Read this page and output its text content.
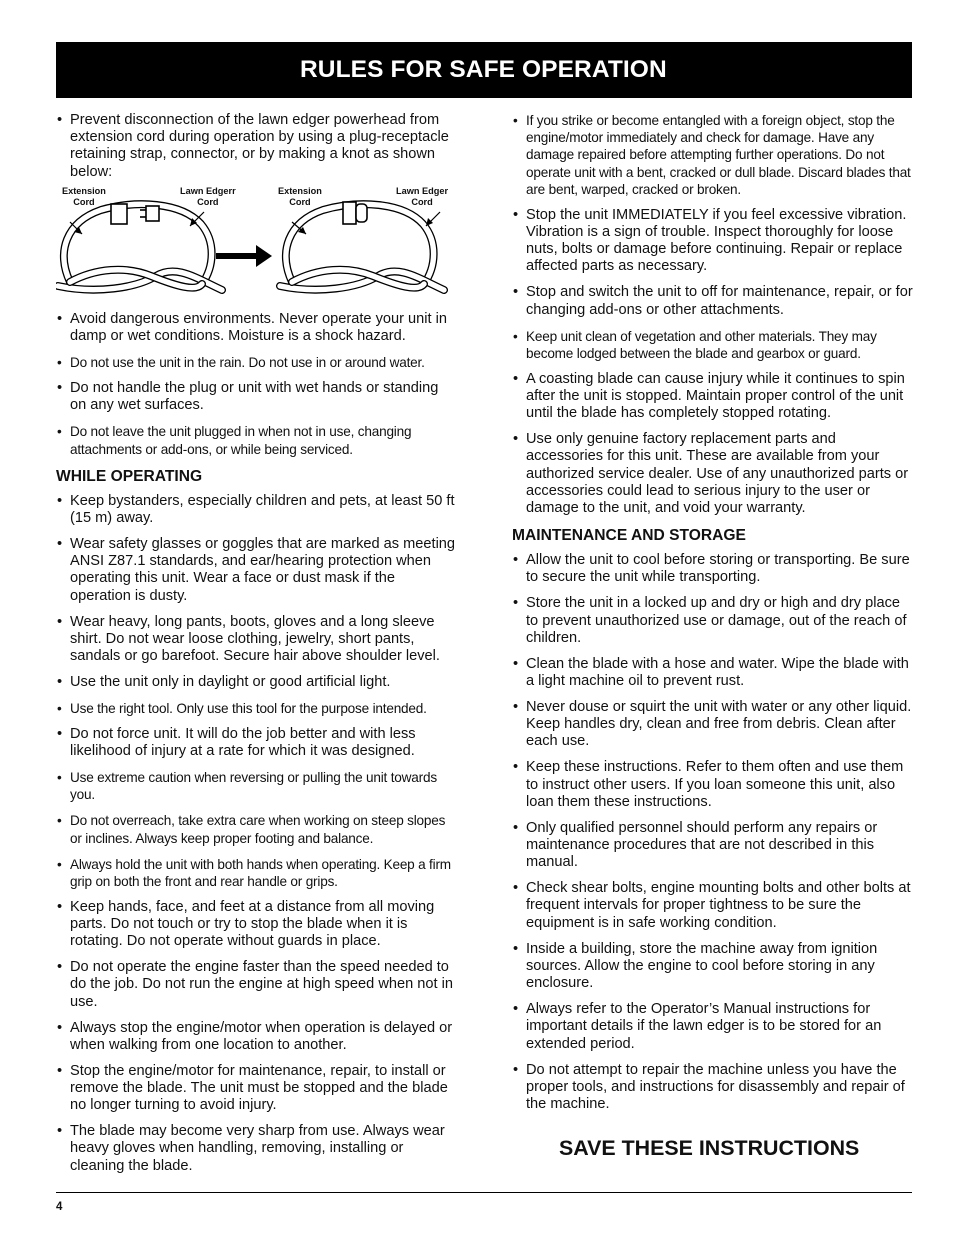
RULES FOR SAFE OPERATION
• Prevent disconnection of the lawn edger powerhead from extension cord during operation by using a plug-receptacle retaining strap, connector, or by making a knot as shown below:
Extension
Cord
Lawn Edgerr
Cord
Extension
Cord
Lawn Edger
Cord
• Avoid dangerous environments. Never operate your unit in damp or wet conditions. Moisture is a shock hazard.
• Do not use the unit in the rain. Do not use in or around water.
• Do not handle the plug or unit with wet hands or standing on any wet surfaces.
• Do not leave the unit plugged in when not in use, changing attachments or add-ons, or while being serviced.
WHILE OPERATING
• Keep bystanders, especially children and pets, at least 50 ft (15 m) away.
• Wear safety glasses or goggles that are marked as meeting ANSI Z87.1 standards, and ear/hearing protection when operating this unit. Wear a face or dust mask if the operation is dusty.
• Wear heavy, long pants, boots, gloves and a long sleeve shirt. Do not wear loose clothing, jewelry, short pants, sandals or go barefoot. Secure hair above shoulder level.
• Use the unit only in daylight or good artificial light.
• Use the right tool. Only use this tool for the purpose intended.
• Do not force unit. It will do the job better and with less likelihood of injury at a rate for which it was designed.
• Use extreme caution when reversing or pulling the unit towards you.
• Do not overreach, take extra care when working on steep slopes or inclines. Always keep proper footing and balance.
• Always hold the unit with both hands when operating. Keep a firm grip on both the front and rear handle or grips.
• Keep hands, face, and feet at a distance from all moving parts. Do not touch or try to stop the blade when it is rotating. Do not operate without guards in place.
• Do not operate the engine faster than the speed needed to do the job. Do not run the engine at high speed when not in use.
• Always stop the engine/motor when operation is delayed or when walking from one location to another.
• Stop the engine/motor for maintenance, repair, to install or remove the blade. The unit must be stopped and the blade no longer turning to avoid injury.
• The blade may become very sharp from use. Always wear heavy gloves when handling, removing, installing or cleaning the blade.
• If you strike or become entangled with a foreign object, stop the engine/motor immediately and check for damage. Have any damage repaired before attempting further operations. Do not operate unit with a bent, cracked or dull blade. Discard blades that are bent, warped, cracked or broken.
• Stop the unit IMMEDIATELY if you feel excessive vibration. Vibration is a sign of trouble. Inspect thoroughly for loose nuts, bolts or damage before continuing. Repair or replace affected parts as necessary.
• Stop and switch the unit to off for maintenance, repair, or for changing add-ons or other attachments.
• Keep unit clean of vegetation and other materials. They may become lodged between the blade and gearbox or guard.
• A coasting blade can cause injury while it continues to spin after the unit is stopped. Maintain proper control of the unit until the blade has completely stopped rotating.
• Use only genuine factory replacement parts and accessories for this unit. These are available from your authorized service dealer. Use of any unauthorized parts or accessories could lead to serious injury to the user or damage to the unit, and void your warranty.
MAINTENANCE AND STORAGE
• Allow the unit to cool before storing or transporting. Be sure to secure the unit while transporting.
• Store the unit in a locked up and dry or high and dry place to prevent unauthorized use or damage, out of the reach of children.
• Clean the blade with a hose and water. Wipe the blade with a light machine oil to prevent rust.
• Never douse or squirt the unit with water or any other liquid. Keep handles dry, clean and free from debris. Clean after each use.
• Keep these instructions. Refer to them often and use them to instruct other users. If you loan someone this unit, also loan them these instructions.
• Only qualified personnel should perform any repairs or maintenance procedures that are not described in this manual.
• Check shear bolts, engine mounting bolts and other bolts at frequent intervals for proper tightness to be sure the equipment is in safe working condition.
• Inside a building, store the machine away from ignition sources. Allow the engine to cool before storing in any enclosure.
• Always refer to the Operator’s Manual instructions for important details if the lawn edger is to be stored for an extended period.
• Do not attempt to repair the machine unless you have the proper tools, and instructions for disassembly and repair of the machine.
SAVE THESE INSTRUCTIONS
4
